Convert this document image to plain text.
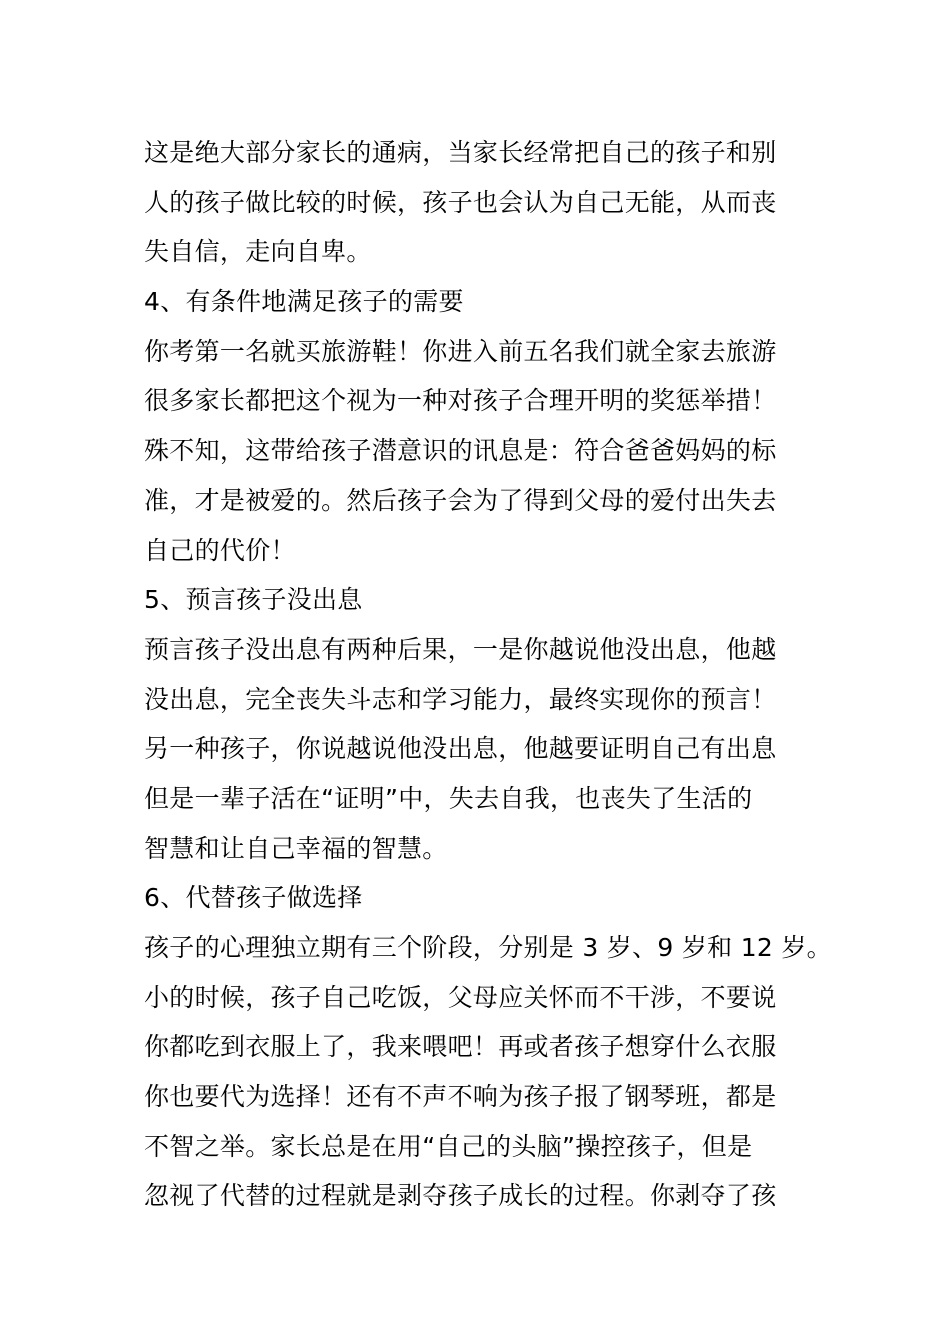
这是绝大部分家长的通病，当家长经常把自己的孩子和别
人的孩子做比较的时候，孩子也会认为自己无能，从而丧
失自信，走向自卑。
4、有条件地满足孩子的需要
你考第一名就买旅游鞋！你进入前五名我们就全家去旅游
很多家长都把这个视为一种对孩子合理开明的奖惩举措！
殊不知，这带给孩子潜意识的讯息是：符合爸爸妈妈的标
准，才是被爱的。然后孩子会为了得到父母的爱付出失去
自己的代价！
5、预言孩子没出息
预言孩子没出息有两种后果，一是你越说他没出息，他越
没出息，完全丧失斗志和学习能力，最终实现你的预言！
另一种孩子，你说越说他没出息，他越要证明自己有出息
但是一辈子活在“证明”中，失去自我，也丧失了生活的
智慧和让自己幸福的智慧。
6、代替孩子做选择
孩子的心理独立期有三个阶段，分别是 3 岁、9 岁和 12 岁。
小的时候，孩子自己吃饭，父母应关怀而不干涉，不要说
你都吃到衣服上了，我来喂吧！再或者孩子想穿什么衣服
你也要代为选择！还有不声不响为孩子报了钢琴班，都是
不智之举。家长总是在用“自己的头脑”操控孩子，但是
忽视了代替的过程就是剥夺孩子成长的过程。你剥夺了孩
